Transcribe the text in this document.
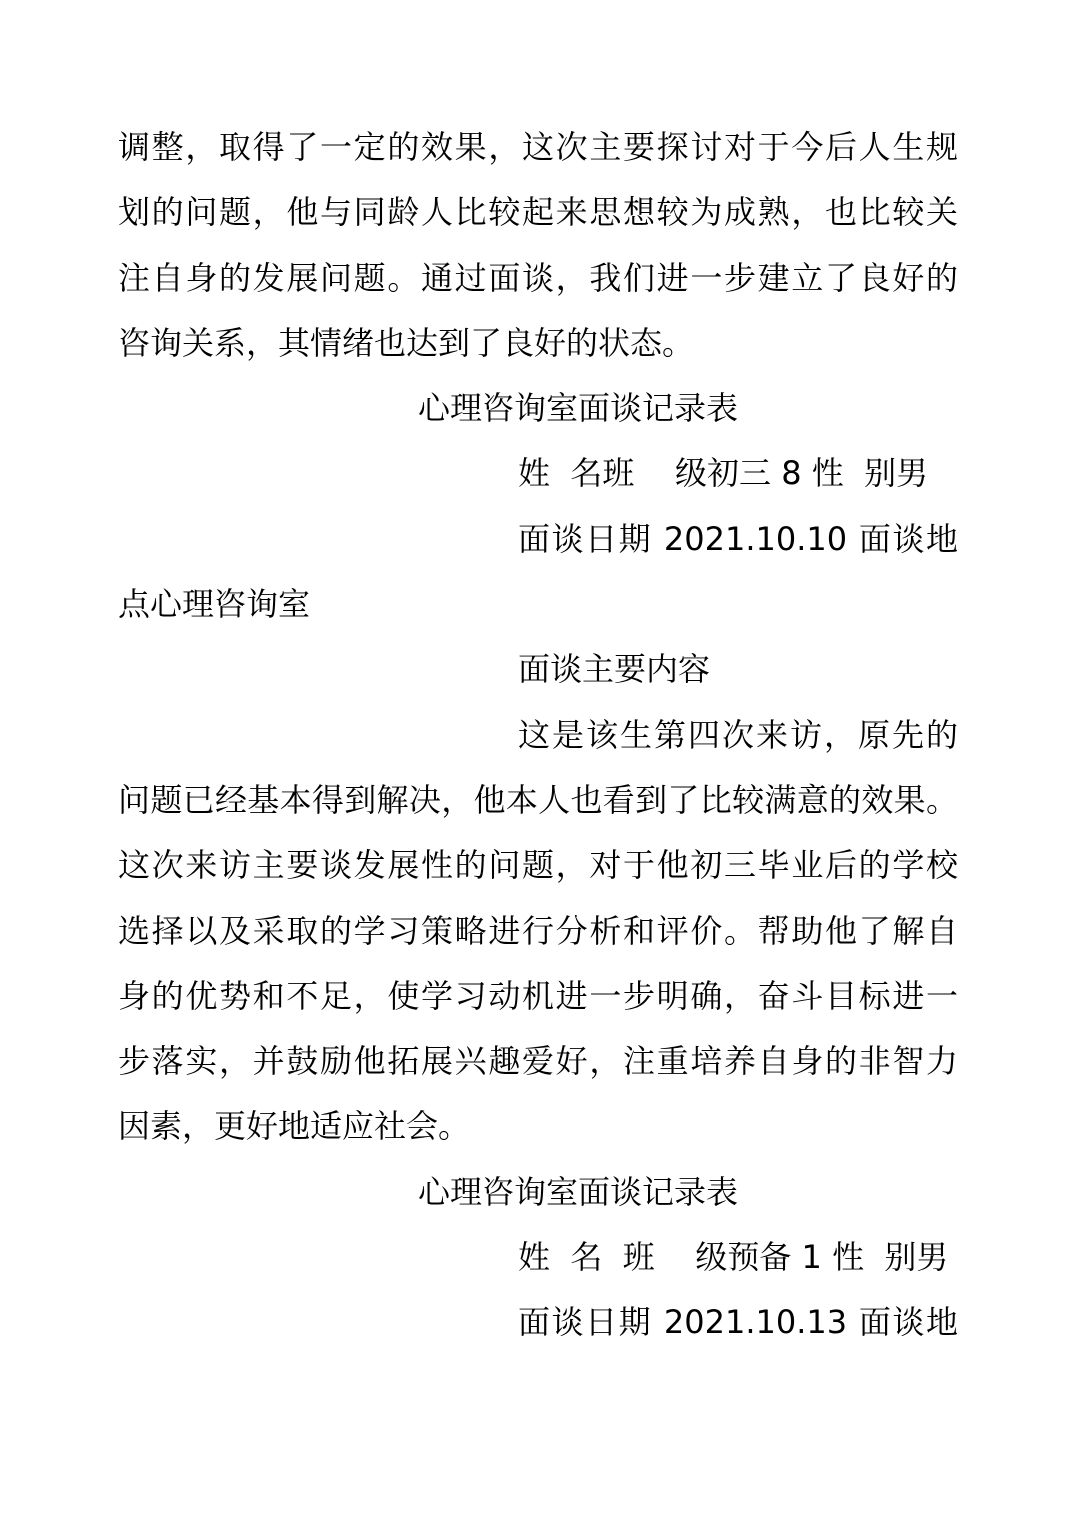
调整，取得了一定的效果，这次主要探讨对于今后人生规
划的问题，他与同龄人比较起来思想较为成熟，也比较关
注自身的发展问题。通过面谈，我们进一步建立了良好的
咨询关系，其情绪也达到了良好的状态。
心理咨询室面谈记录表
姓  名班    级初三 8 性  别男
面谈日期 2021.10.10 面谈地
点心理咨询室
面谈主要内容
这是该生第四次来访，原先的
问题已经基本得到解决，他本人也看到了比较满意的效果。
这次来访主要谈发展性的问题，对于他初三毕业后的学校
选择以及采取的学习策略进行分析和评价。帮助他了解自
身的优势和不足，使学习动机进一步明确，奋斗目标进一
步落实，并鼓励他拓展兴趣爱好，注重培养自身的非智力
因素，更好地适应社会。
心理咨询室面谈记录表
姓  名  班    级预备 1 性  别男
面谈日期 2021.10.13 面谈地
